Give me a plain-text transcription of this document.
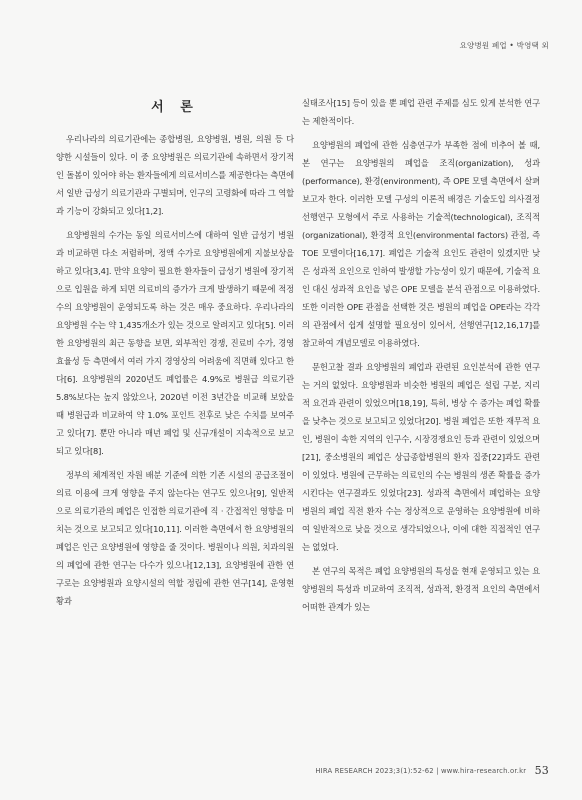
요양병원 폐업 • 박영택 외
서 론

우리나라의 의료기관에는 종합병원, 요양병원, 병원, 의원 등 다양한 시설들이 있다. 이 중 요양병원은 의료기관에 속하면서 장기적인 돌봄이 있어야 하는 환자들에게 의료서비스를 제공한다는 측면에서 일반 급성기 의료기관과 구별되며, 인구의 고령화에 따라 그 역할과 기능이 강화되고 있다[1,2].

요양병원의 수가는 동일 의료서비스에 대하여 일반 급성기 병원과 비교하면 다소 저렴하며, 정액 수가로 요양병원에게 지불보상을 하고 있다[3,4]. 만약 요양이 필요한 환자들이 급성기 병원에 장기적으로 입원을 하게 되면 의료비의 증가가 크게 발생하기 때문에 적정 수의 요양병원이 운영되도록 하는 것은 매우 중요하다. 우리나라의 요양병원 수는 약 1,435개소가 있는 것으로 알려지고 있다[5]. 이러한 요양병원의 최근 동향을 보면, 외부적인 경쟁, 진료비 수가, 경영 효율성 등 측면에서 여러 가지 경영상의 어려움에 직면해 있다고 한다[6]. 요양병원의 2020년도 폐업률은 4.9%로 병원급 의료기관 5.8%보다는 높지 않았으나, 2020년 이전 3년간을 비교해 보았을 때 병원급과 비교하여 약 1.0% 포인트 전후로 낮은 수치를 보여주고 있다[7]. 뿐만 아니라 매년 폐업 및 신규개설이 지속적으로 보고되고 있다[8].

정부의 체계적인 자원 배분 기준에 의한 기존 시설의 공급조절이 의료 이용에 크게 영향을 주지 않는다는 연구도 있으나[9], 일반적으로 의료기관의 폐업은 인접한 의료기관에 직 · 간접적인 영향을 미치는 것으로 보고되고 있다[10,11]. 이러한 측면에서 한 요양병원의 폐업은 인근 요양병원에 영향을 줄 것이다. 병원이나 의원, 치과의원의 폐업에 관한 연구는 다수가 있으나[12,13], 요양병원에 관한 연구로는 요양병원과 요양시설의 역할 정립에 관한 연구[14], 운영현황과

실태조사[15] 등이 있을 뿐 폐업 관련 주제를 심도 있게 분석한 연구는 제한적이다.

요양병원의 폐업에 관한 심층연구가 부족한 점에 비추어 볼 때, 본 연구는 요양병원의 폐업을 조직(organization), 성과(performance), 환경(environment), 즉 OPE 모델 측면에서 살펴보고자 한다. 이러한 모델 구성의 이론적 배경은 기술도입 의사결정 선행연구 모형에서 주로 사용하는 기술적(technological), 조직적(organizational), 환경적 요인(environmental factors) 관점, 즉 TOE 모델이다[16,17]. 폐업은 기술적 요인도 관련이 있겠지만 낮은 성과적 요인으로 인하여 발생할 가능성이 있기 때문에, 기술적 요인 대신 성과적 요인을 넣은 OPE 모델을 분석 관점으로 이용하였다. 또한 이러한 OPE 관점을 선택한 것은 병원의 폐업을 OPE라는 각각의 관점에서 쉽게 설명할 필요성이 있어서, 선행연구[12,16,17]를 참고하여 개념모델로 이용하였다.

문헌고찰 결과 요양병원의 폐업과 관련된 요인분석에 관한 연구는 거의 없었다. 요양병원과 비슷한 병원의 폐업은 설립 구분, 지리적 요건과 관련이 있었으며[18,19], 특히, 병상 수 증가는 폐업 확률을 낮추는 것으로 보고되고 있었다[20]. 병원 폐업은 또한 재무적 요인, 병원이 속한 지역의 인구수, 시장경쟁요인 등과 관련이 있었으며[21], 중소병원의 폐업은 상급종합병원의 환자 집중[22]과도 관련이 있었다. 병원에 근무하는 의료인의 수는 병원의 생존 확률을 증가시킨다는 연구결과도 있었다[23]. 성과적 측면에서 폐업하는 요양병원의 폐업 직전 환자 수는 정상적으로 운영하는 요양병원에 비하여 일반적으로 낮을 것으로 생각되었으나, 이에 대한 직접적인 연구는 없었다.

본 연구의 목적은 폐업 요양병원의 특성을 현재 운영되고 있는 요양병원의 특성과 비교하여 조직적, 성과적, 환경적 요인의 측면에서 어떠한 관계가 있는

HIRA RESEARCH 2023;3(1):52-62 | www.hira-research.or.kr 53
